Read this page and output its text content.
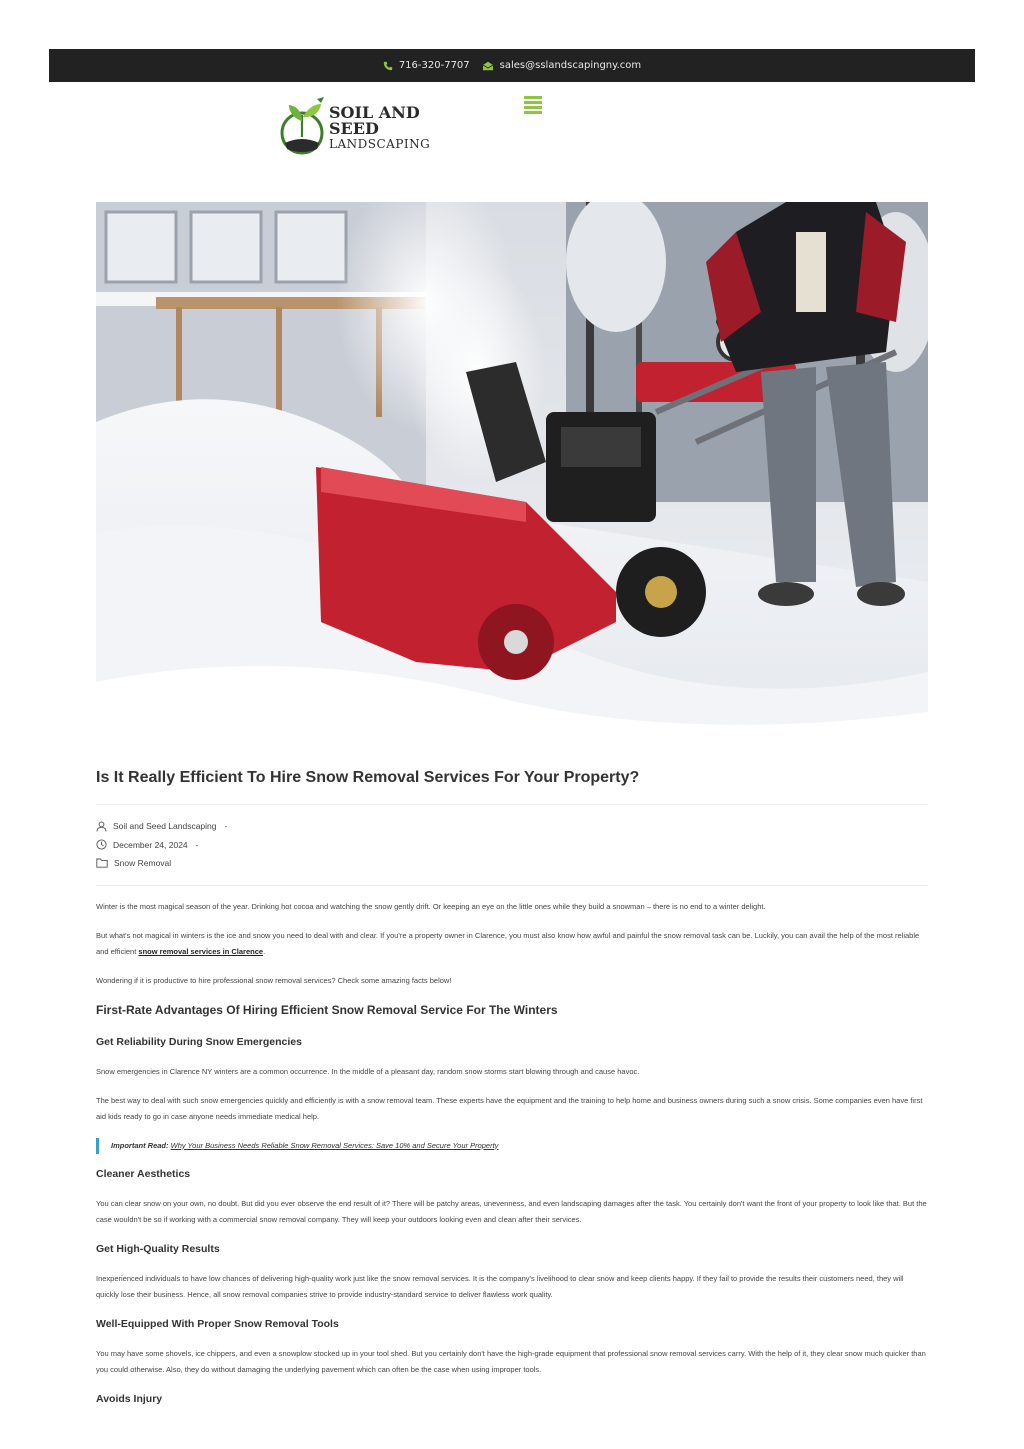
716-320-7707	sales@sslandscapingny.com
SOIL AND SEED
LANDSCAPING
Is It Really Efficient To Hire Snow Removal Services For Your Property?
Soil and Seed Landscaping -
December 24, 2024 -
Snow Removal

Winter is the most magical season of the year. Drinking hot cocoa and watching the snow gently drift. Or keeping an eye on the little ones while they build a snowman – there is no end to a winter delight.

But what's not magical in winters is the ice and snow you need to deal with and clear. If you're a property owner in Clarence, you must also know how awful and painful the snow removal task can be. Luckily, you can avail the help of the most reliable and efficient snow removal services in Clarence.

Wondering if it is productive to hire professional snow removal services? Check some amazing facts below!

First-Rate Advantages Of Hiring Efficient Snow Removal Service For The Winters
Get Reliability During Snow Emergencies

Snow emergencies in Clarence NY winters are a common occurrence. In the middle of a pleasant day, random snow storms start blowing through and cause havoc.

The best way to deal with such snow emergencies quickly and efficiently is with a snow removal team. These experts have the equipment and the training to help home and business owners during such a snow crisis. Some companies even have first aid kids ready to go in case anyone needs immediate medical help.

Important Read: Why Your Business Needs Reliable Snow Removal Services: Save 10% and Secure Your Property
Cleaner Aesthetics

You can clear snow on your own, no doubt. But did you ever observe the end result of it? There will be patchy areas, unevenness, and even landscaping damages after the task. You certainly don't want the front of your property to look like that. But the case wouldn't be so if working with a commercial snow removal company. They will keep your outdoors looking even and clean after their services.

Get High-Quality Results

Inexperienced individuals to have low chances of delivering high-quality work just like the snow removal services. It is the company's livelihood to clear snow and keep clients happy. If they fail to provide the results their customers need, they will quickly lose their business. Hence, all snow removal companies strive to provide industry-standard service to deliver flawless work quality.

Well-Equipped With Proper Snow Removal Tools

You may have some shovels, ice chippers, and even a snowplow stocked up in your tool shed. But you certainly don't have the high-grade equipment that professional snow removal services carry. With the help of it, they clear snow much quicker than you could otherwise. Also, they do without damaging the underlying pavement which can often be the case when using improper tools.

Avoids Injury
